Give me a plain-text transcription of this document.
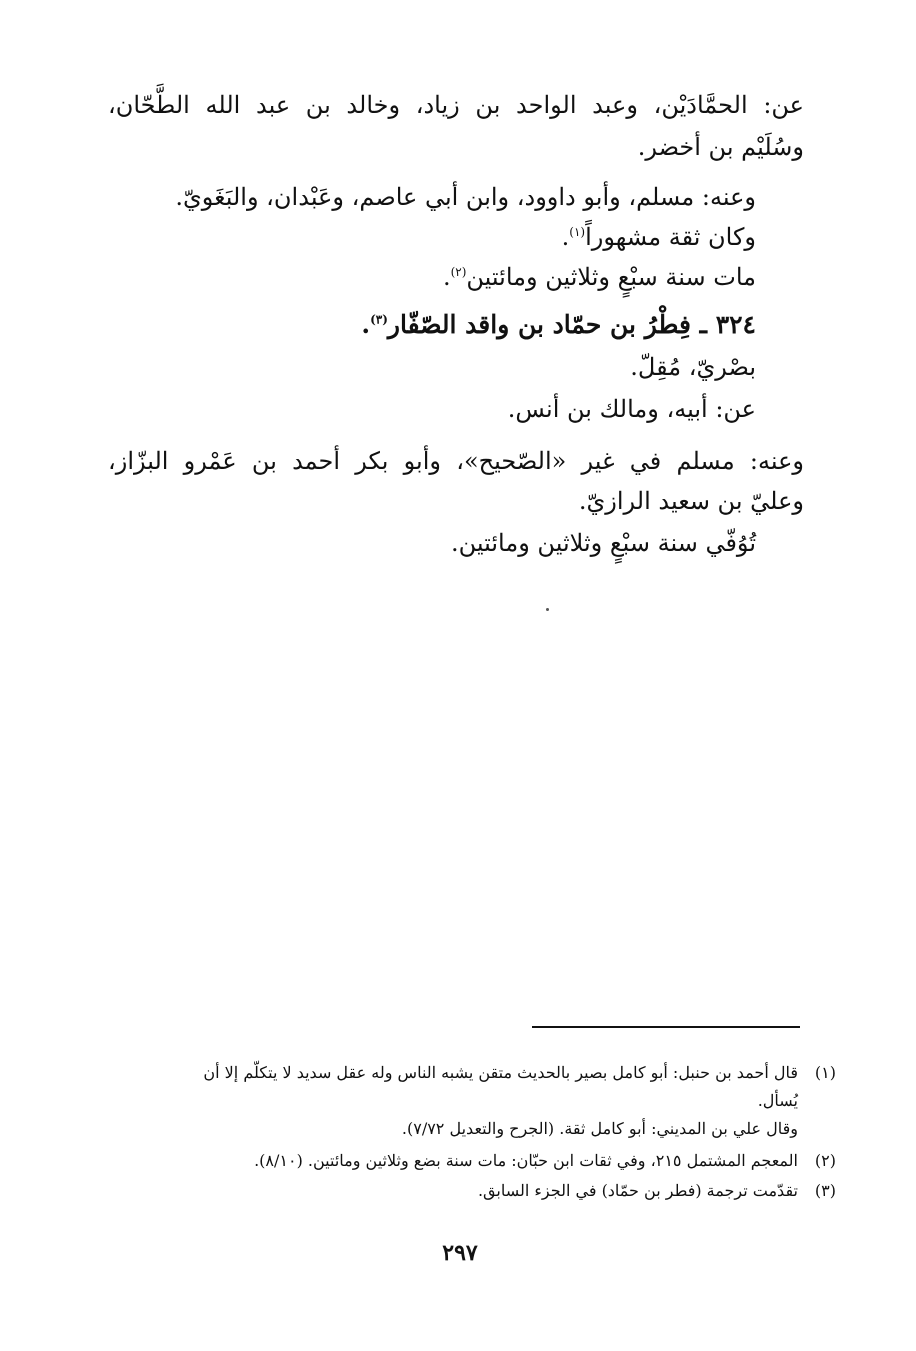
عن: الحمَّادَيْن، وعبد الواحد بن زياد، وخالد بن عبد الله الطَّحّان،

وسُلَيْم بن أخضر.

وعنه: مسلم، وأبو داوود، وابن أبي عاصم، وعَبْدان، والبَغَويّ.

وكان ثقة مشهوراً$^{(١)}$.

مات سنة سبْعٍ وثلاثين ومائتين$^{(٢)}$.

٣٢٤ ـ فِطْرُ بن حمّاد بن واقد الصّفّار$^{(٣)}$.

بصْريّ، مُقِلّ.

عن: أبيه، ومالك بن أنس.

وعنه: مسلم في غير «الصّحيح»، وأبو بكر أحمد بن عَمْرو البزّاز،

وعليّ بن سعيد الرازيّ.

تُوُفّي سنة سبْعٍ وثلاثين ومائتين.

(١)

قال أحمد بن حنبل: أبو كامل بصير بالحديث متقن يشبه الناس وله عقل سديد لا يتكلّم إلا أن

يُسأل.

وقال علي بن المديني: أبو كامل ثقة. (الجرح والتعديل ٧/٧٢).

(٢)

المعجم المشتمل ٢١٥، وفي ثقات ابن حبّان: مات سنة بضع وثلاثين ومائتين. (٨/١٠).

(٣)

تقدّمت ترجمة (فطر بن حمّاد) في الجزء السابق.

٢٩٧
